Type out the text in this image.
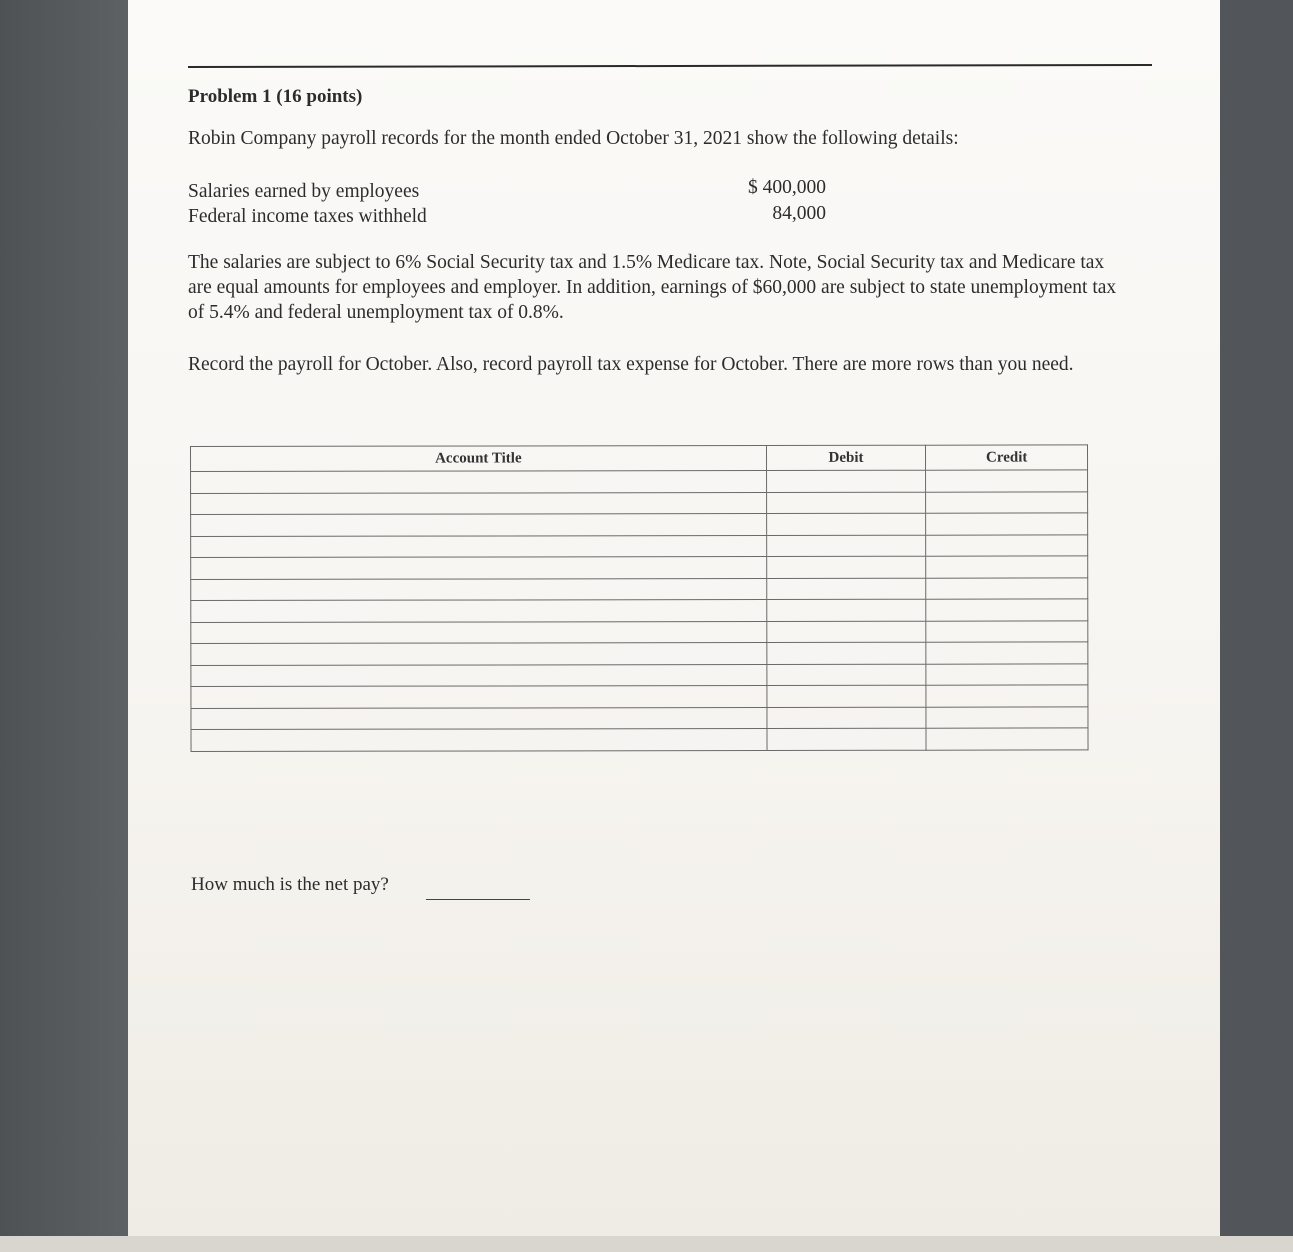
Problem 1 (16 points)
Robin Company payroll records for the month ended October 31, 2021 show the following details:
Salaries earned by employees	$ 400,000
Federal income taxes withheld	84,000
The salaries are subject to 6% Social Security tax and 1.5% Medicare tax. Note, Social Security tax and Medicare tax are equal amounts for employees and employer. In addition, earnings of $60,000 are subject to state unemployment tax of 5.4% and federal unemployment tax of 0.8%.
Record the payroll for October. Also, record payroll tax expense for October. There are more rows than you need.
Account Title	Debit	Credit

How much is the net pay?
